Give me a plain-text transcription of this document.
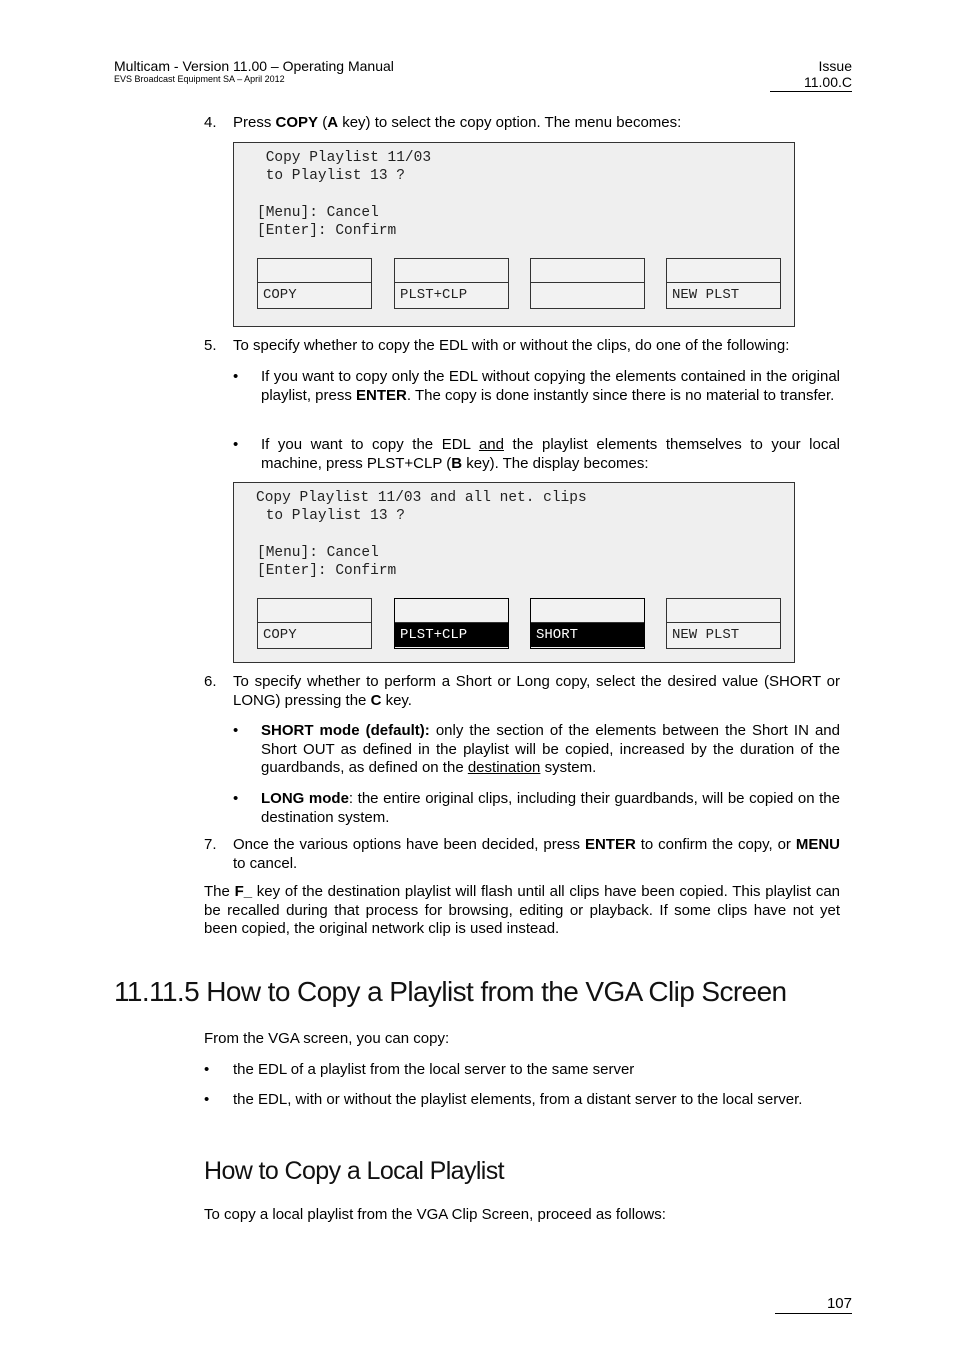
Multicam - Version 11.00 – Operating Manual
EVS Broadcast Equipment SA – April 2012
Issue
11.00.C
4. Press COPY (A key) to select the copy option. The menu becomes:
Copy Playlist 11/03
to Playlist 13 ?
[Menu]: Cancel
[Enter]: Confirm
COPY	PLST+CLP	NEW PLST
5. To specify whether to copy the EDL with or without the clips, do one of the following:
• If you want to copy only the EDL without copying the elements contained in the original playlist, press ENTER. The copy is done instantly since there is no material to transfer.
• If you want to copy the EDL and the playlist elements themselves to your local machine, press PLST+CLP (B key). The display becomes:
Copy Playlist 11/03 and all net. clips
to Playlist 13 ?
[Menu]: Cancel
[Enter]: Confirm
COPY	PLST+CLP	SHORT	NEW PLST
6. To specify whether to perform a Short or Long copy, select the desired value (SHORT or LONG) pressing the C key.
• SHORT mode (default): only the section of the elements between the Short IN and Short OUT as defined in the playlist will be copied, increased by the duration of the guardbands, as defined on the destination system.
• LONG mode: the entire original clips, including their guardbands, will be copied on the destination system.
7. Once the various options have been decided, press ENTER to confirm the copy, or MENU to cancel.
The F_ key of the destination playlist will flash until all clips have been copied. This playlist can be recalled during that process for browsing, editing or playback. If some clips have not yet been copied, the original network clip is used instead.
11.11.5 How to Copy a Playlist from the VGA Clip Screen
From the VGA screen, you can copy:
• the EDL of a playlist from the local server to the same server
• the EDL, with or without the playlist elements, from a distant server to the local server.
How to Copy a Local Playlist
To copy a local playlist from the VGA Clip Screen, proceed as follows:
107
